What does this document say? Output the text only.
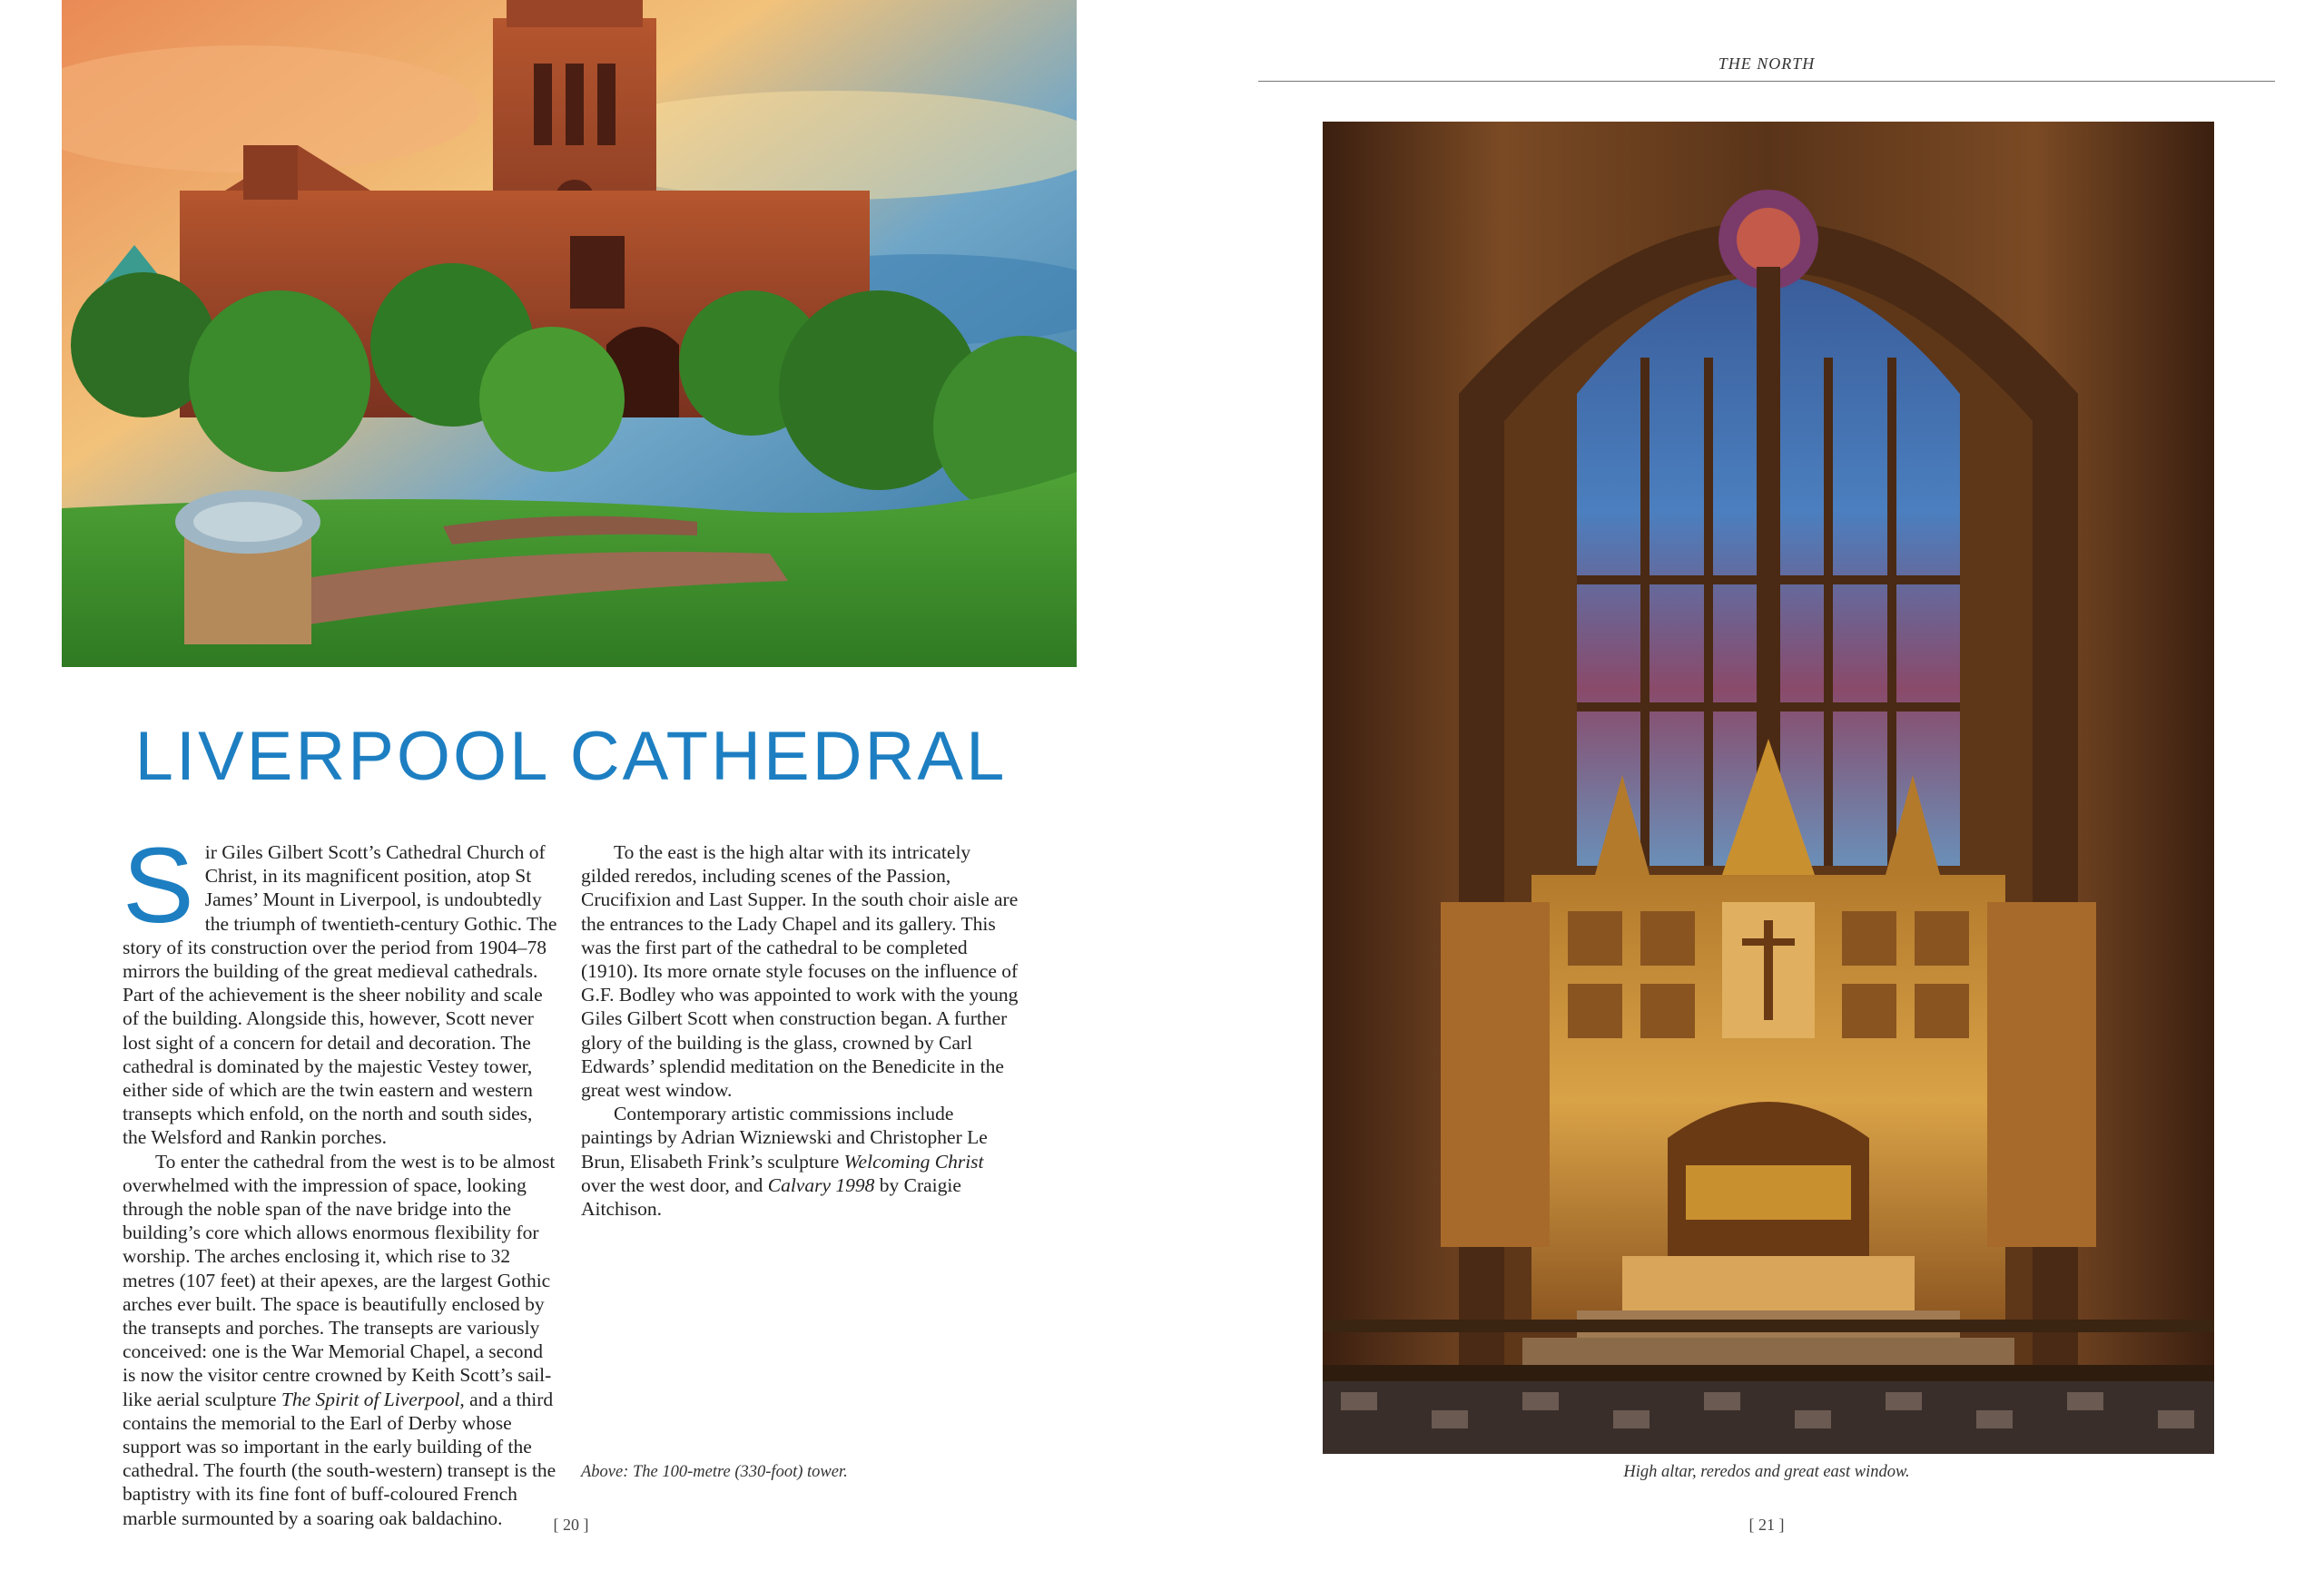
LIVERPOOL CATHEDRAL

Sir Giles Gilbert Scott’s Cathedral Church of Christ, in its magnificent position, atop St James’ Mount in Liverpool, is undoubtedly the triumph of twentieth-century Gothic. The story of its construction over the period from 1904–78 mirrors the building of the great medieval cathedrals. Part of the achievement is the sheer nobility and scale of the building. Alongside this, however, Scott never lost sight of a concern for detail and decoration. The cathedral is dominated by the majestic Vestey tower, either side of which are the twin eastern and western transepts which enfold, on the north and south sides, the Welsford and Rankin porches.

To enter the cathedral from the west is to be almost overwhelmed with the impression of space, looking through the noble span of the nave bridge into the building’s core which allows enormous flexibility for worship. The arches enclosing it, which rise to 32 metres (107 feet) at their apexes, are the largest Gothic arches ever built. The space is beautifully enclosed by the transepts and porches. The transepts are variously conceived: one is the War Memorial Chapel, a second is now the visitor centre crowned by Keith Scott’s sail-like aerial sculpture The Spirit of Liverpool, and a third contains the memorial to the Earl of Derby whose support was so important in the early building of the cathedral. The fourth (the south-western) transept is the baptistry with its fine font of buff-coloured French marble surmounted by a soaring oak baldachino.

To the east is the high altar with its intricately gilded reredos, including scenes of the Passion, Crucifixion and Last Supper. In the south choir aisle are the entrances to the Lady Chapel and its gallery. This was the first part of the cathedral to be completed (1910). Its more ornate style focuses on the influence of G.F. Bodley who was appointed to work with the young Giles Gilbert Scott when construction began. A further glory of the building is the glass, crowned by Carl Edwards’ splendid meditation on the Benedicite in the great west window.

Contemporary artistic commissions include paintings by Adrian Wizniewski and Christopher Le Brun, Elisabeth Frink’s sculpture Welcoming Christ over the west door, and Calvary 1998 by Craigie Aitchison.

Above: The 100-metre (330-foot) tower.
[ 20 ]
THE NORTH
High altar, reredos and great east window.
[ 21 ]
